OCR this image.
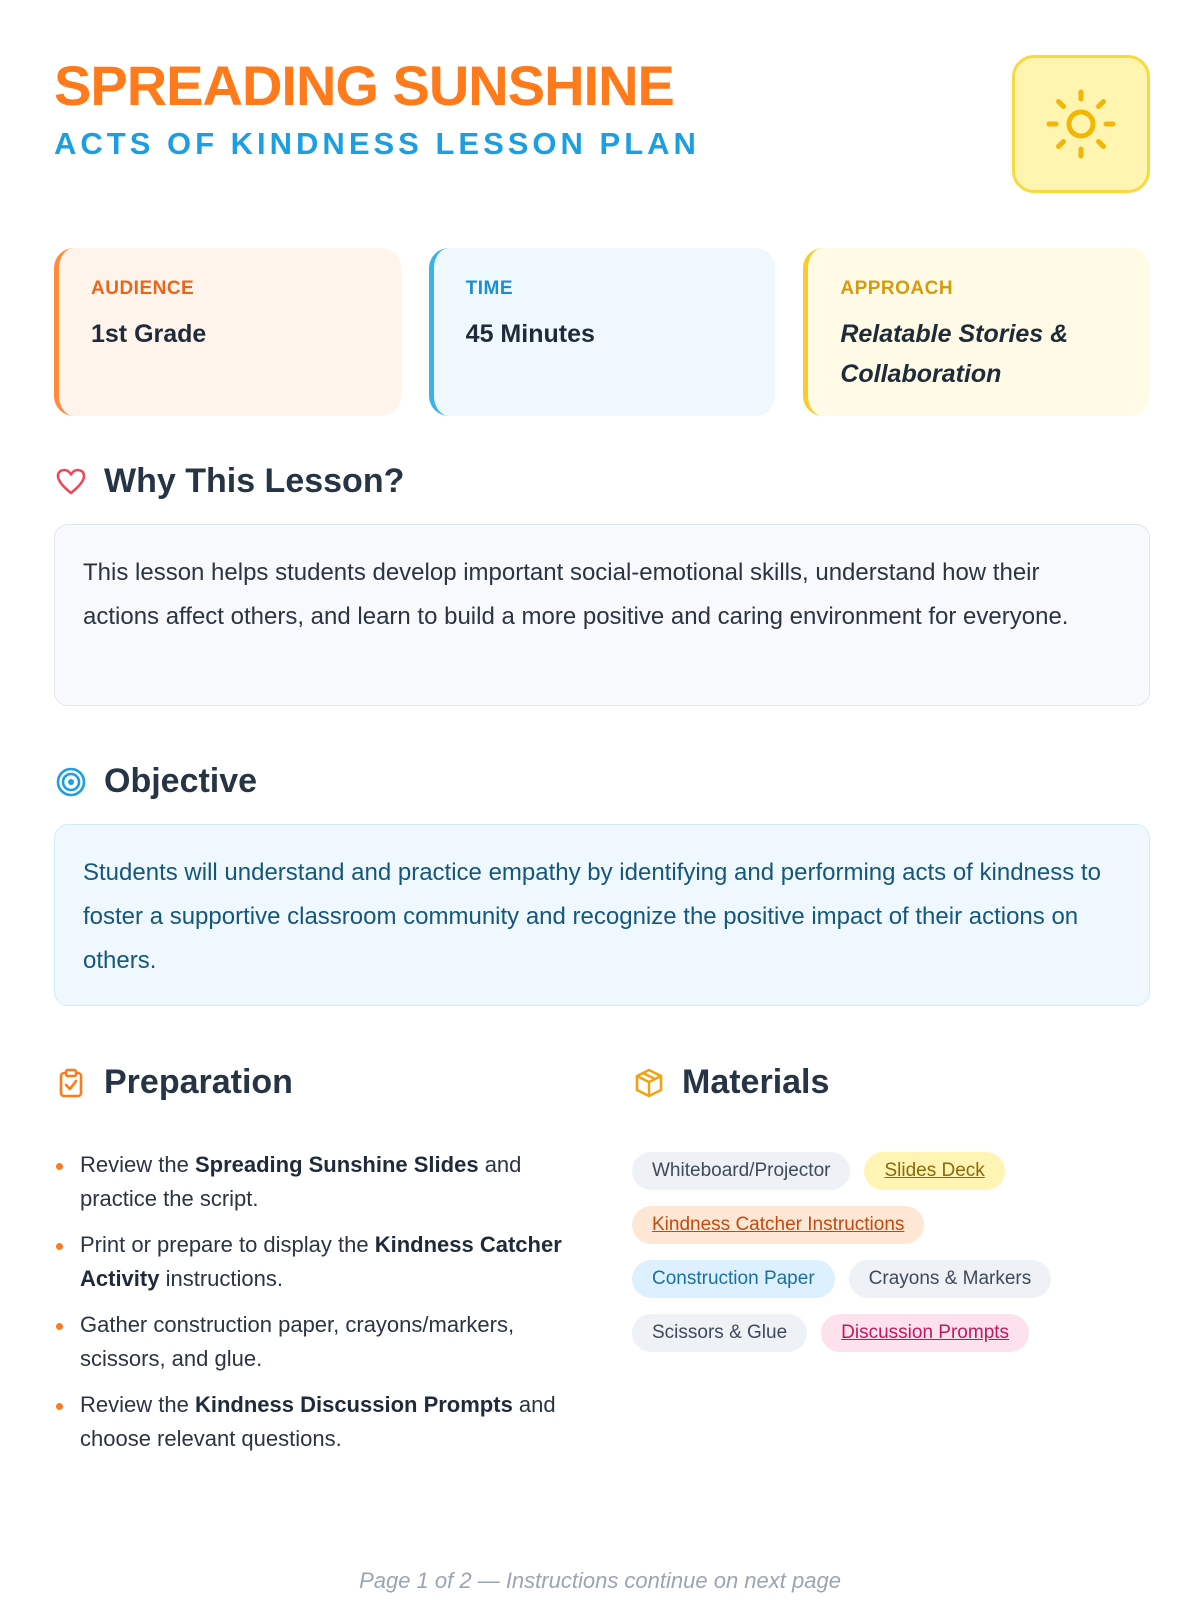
SPREADING SUNSHINE
ACTS OF KINDNESS LESSON PLAN
AUDIENCE
1st Grade
TIME
45 Minutes
APPROACH
Relatable Stories &
Collaboration
Why This Lesson?

This lesson helps students develop important social-emotional skills, understand how their actions affect others, and learn to build a more positive and caring environment for everyone.

Objective

Students will understand and practice empathy by identifying and performing acts of kindness to foster a supportive classroom community and recognize the positive impact of their actions on others.

Preparation
Review the Spreading Sunshine Slides and practice the script.
Print or prepare to display the Kindness Catcher Activity instructions.
Gather construction paper, crayons/markers, scissors, and glue.
Review the Kindness Discussion Prompts and choose relevant questions.
Materials
Whiteboard/Projector	Slides Deck
Kindness Catcher Instructions
Construction Paper	Crayons & Markers
Scissors & Glue	Discussion Prompts
Page 1 of 2 — Instructions continue on next page
